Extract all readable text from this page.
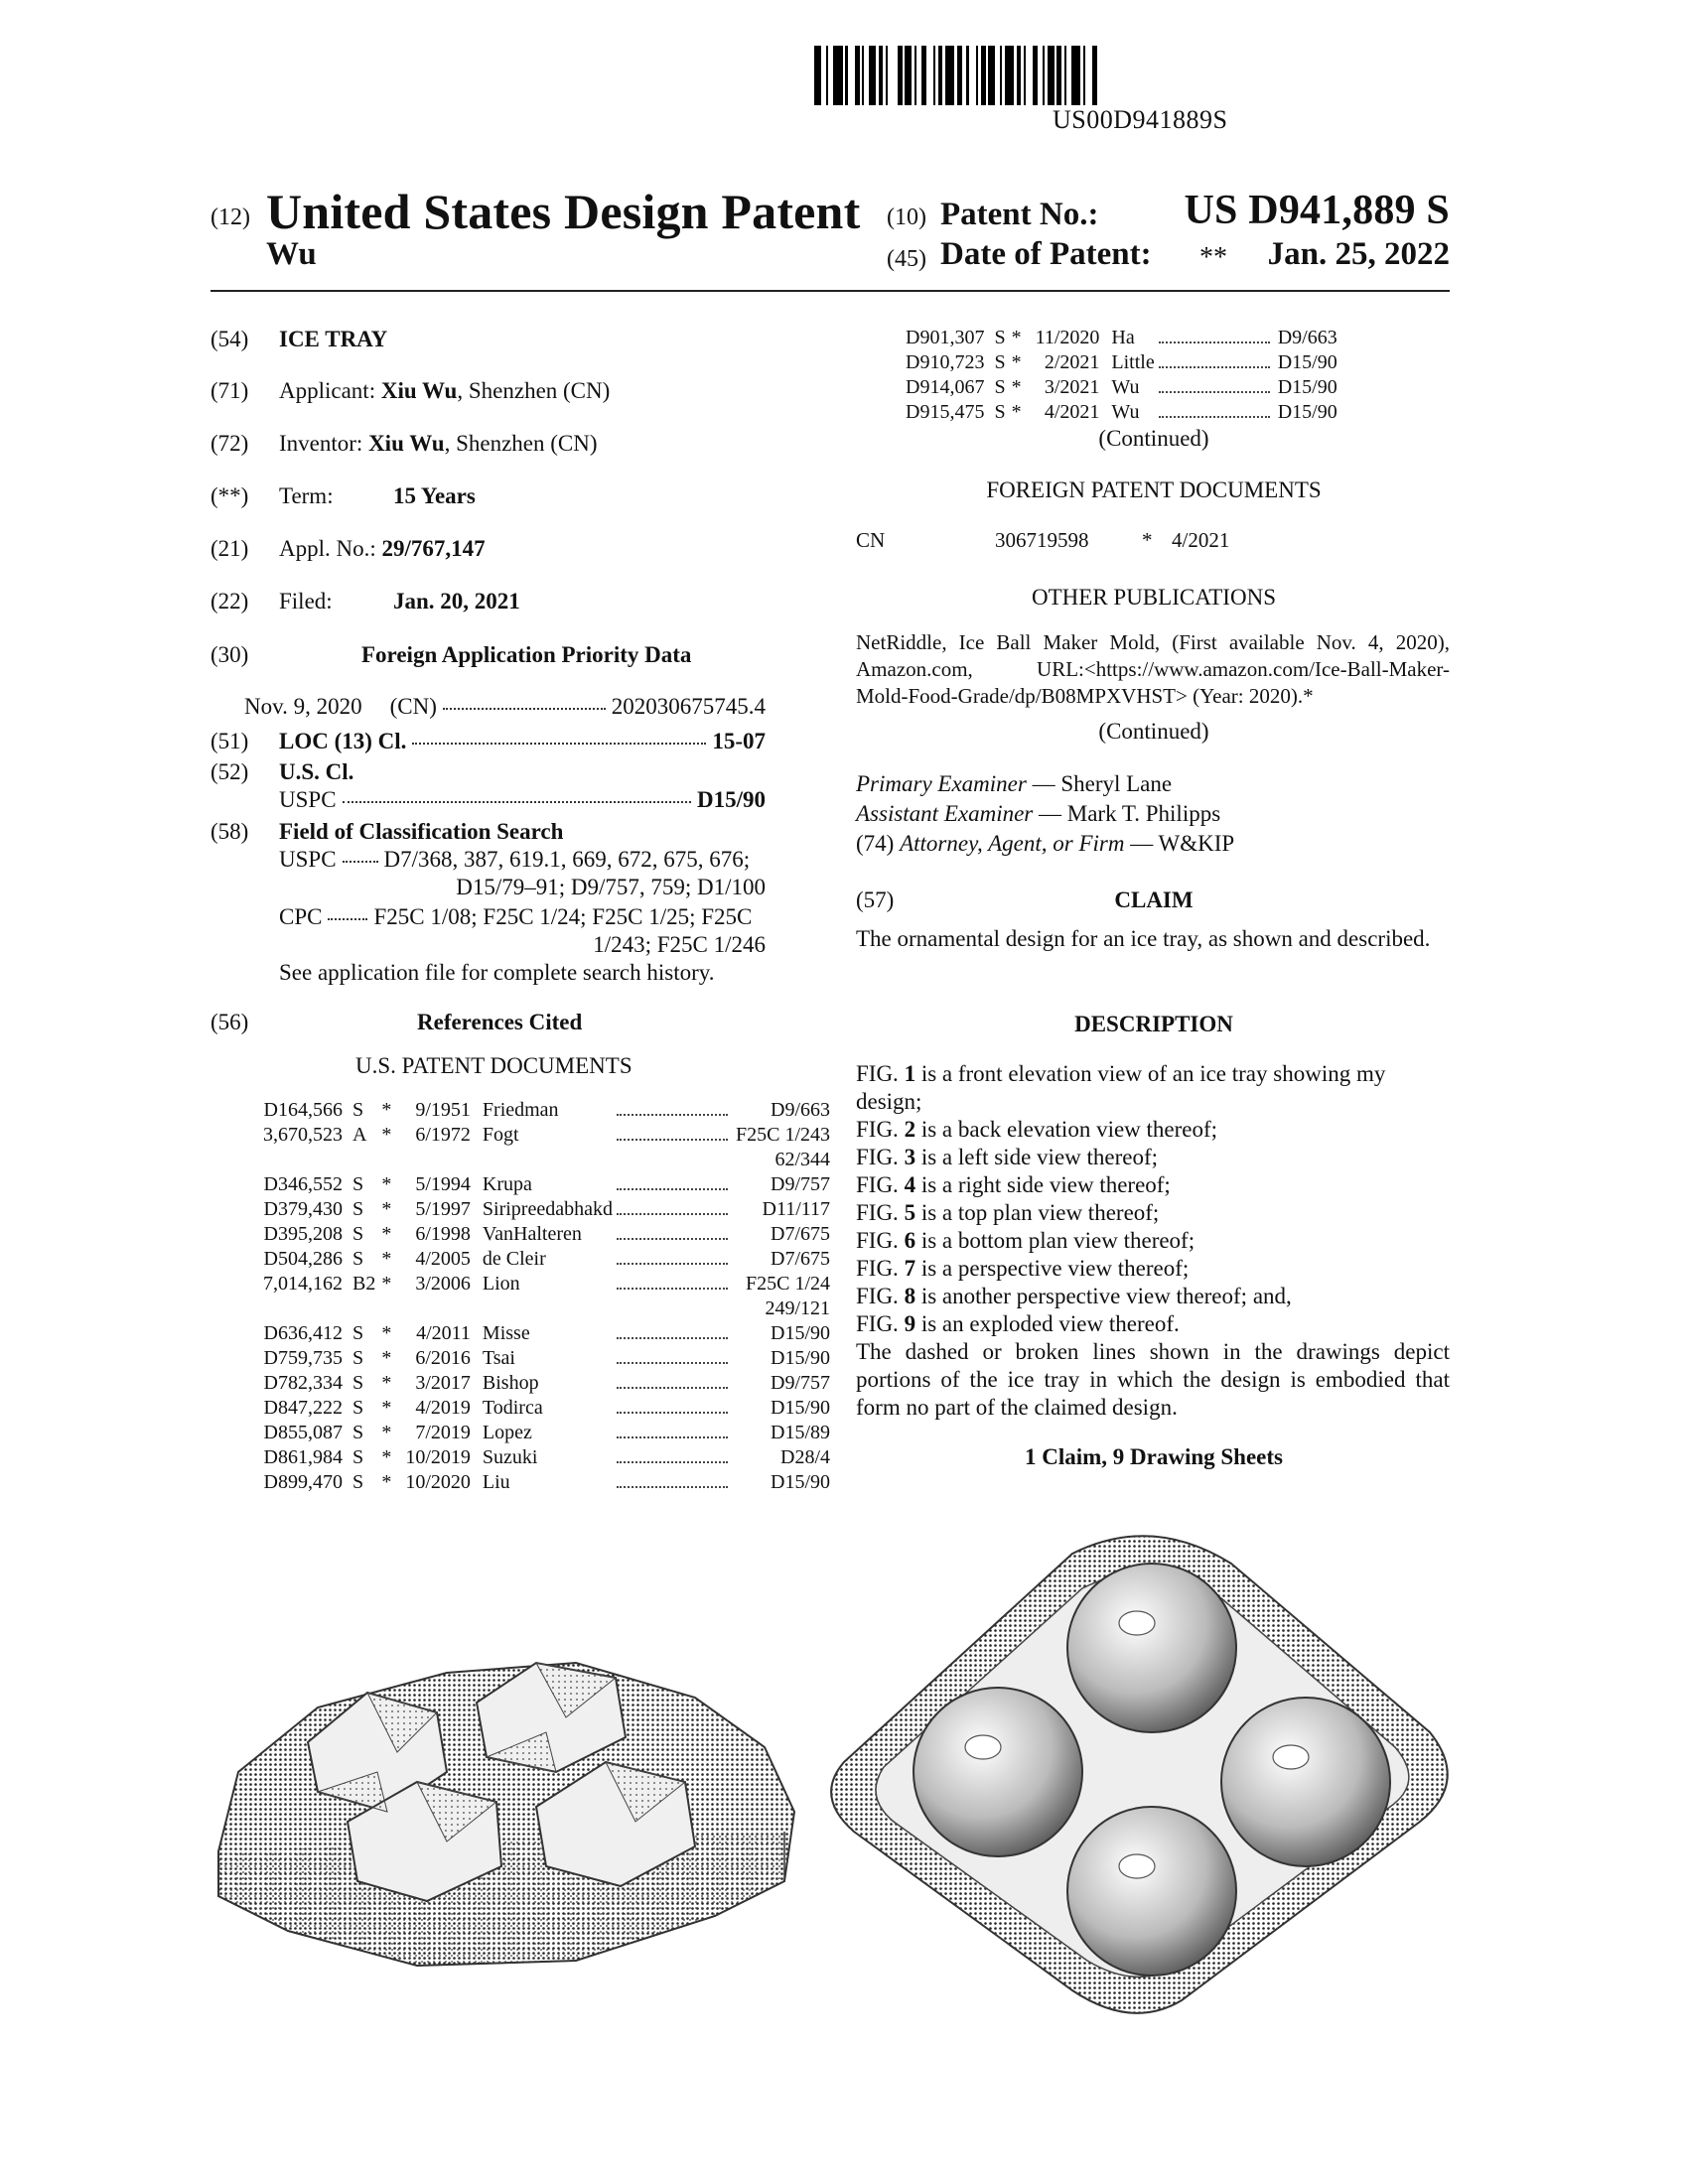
US00D941889S
(12) United States Design Patent
Wu
(10) Patent No.: US D941,889 S
(45) Date of Patent: ** Jan. 25, 2022
(54) ICE TRAY
(71) Applicant: Xiu Wu, Shenzhen (CN)
(72) Inventor: Xiu Wu, Shenzhen (CN)
(**) Term:	15 Years
(21) Appl. No.: 29/767,147
(22) Filed:	Jan. 20, 2021
(30)	Foreign Application Priority Data
Nov. 9, 2020 (CN)	202030675745.4
(51) LOC (13) Cl.	15-07
(52) U.S. Cl.
USPC	D15/90
(58) Field of Classification Search
USPC D7/368, 387, 619.1, 669, 672, 675, 676;
D15/79–91; D9/757, 759; D1/100
CPC F25C 1/08; F25C 1/24; F25C 1/25; F25C
1/243; F25C 1/246
See application file for complete search history.
(56)	References Cited
U.S. PATENT DOCUMENTS
D164,566	S	*	9/1951	Friedman		D9/663
3,670,523	A	*	6/1972	Fogt		F25C 1/243
62/344						
D346,552	S	*	5/1994	Krupa		D9/757
D379,430	S	*	5/1997	Siripreedabhakd		D11/117
D395,208	S	*	6/1998	VanHalteren		D7/675
D504,286	S	*	4/2005	de Cleir		D7/675
7,014,162	B2	*	3/2006	Lion		F25C 1/24
249/121						
D636,412	S	*	4/2011	Misse		D15/90
D759,735	S	*	6/2016	Tsai		D15/90
D782,334	S	*	3/2017	Bishop		D9/757
D847,222	S	*	4/2019	Todirca		D15/90
D855,087	S	*	7/2019	Lopez		D15/89
D861,984	S	*	10/2019	Suzuki		D28/4
D899,470	S	*	10/2020	Liu		D15/90
D901,307	S	*	11/2020	Ha		D9/663
D910,723	S	*	2/2021	Little		D15/90
D914,067	S	*	3/2021	Wu		D15/90
D915,475	S	*	4/2021	Wu		D15/90
(Continued)
FOREIGN PATENT DOCUMENTS
CN	306719598	* 4/2021
OTHER PUBLICATIONS
NetRiddle, Ice Ball Maker Mold, (First available Nov. 4, 2020),
Amazon.com, URL:<https://www.amazon.com/Ice-Ball-Maker-
Mold-Food-Grade/dp/B08MPXVHST> (Year: 2020).*
(Continued)
Primary Examiner — Sheryl Lane
Assistant Examiner — Mark T. Philipps
(74) Attorney, Agent, or Firm — W&KIP
(57)	CLAIM
The ornamental design for an ice tray, as shown and described.
DESCRIPTION
FIG. 1 is a front elevation view of an ice tray showing my
design;
FIG. 2 is a back elevation view thereof;
FIG. 3 is a left side view thereof;
FIG. 4 is a right side view thereof;
FIG. 5 is a top plan view thereof;
FIG. 6 is a bottom plan view thereof;
FIG. 7 is a perspective view thereof;
FIG. 8 is another perspective view thereof; and,
FIG. 9 is an exploded view thereof.
The dashed or broken lines shown in the drawings depict
portions of the ice tray in which the design is embodied that
form no part of the claimed design.
1 Claim, 9 Drawing Sheets
